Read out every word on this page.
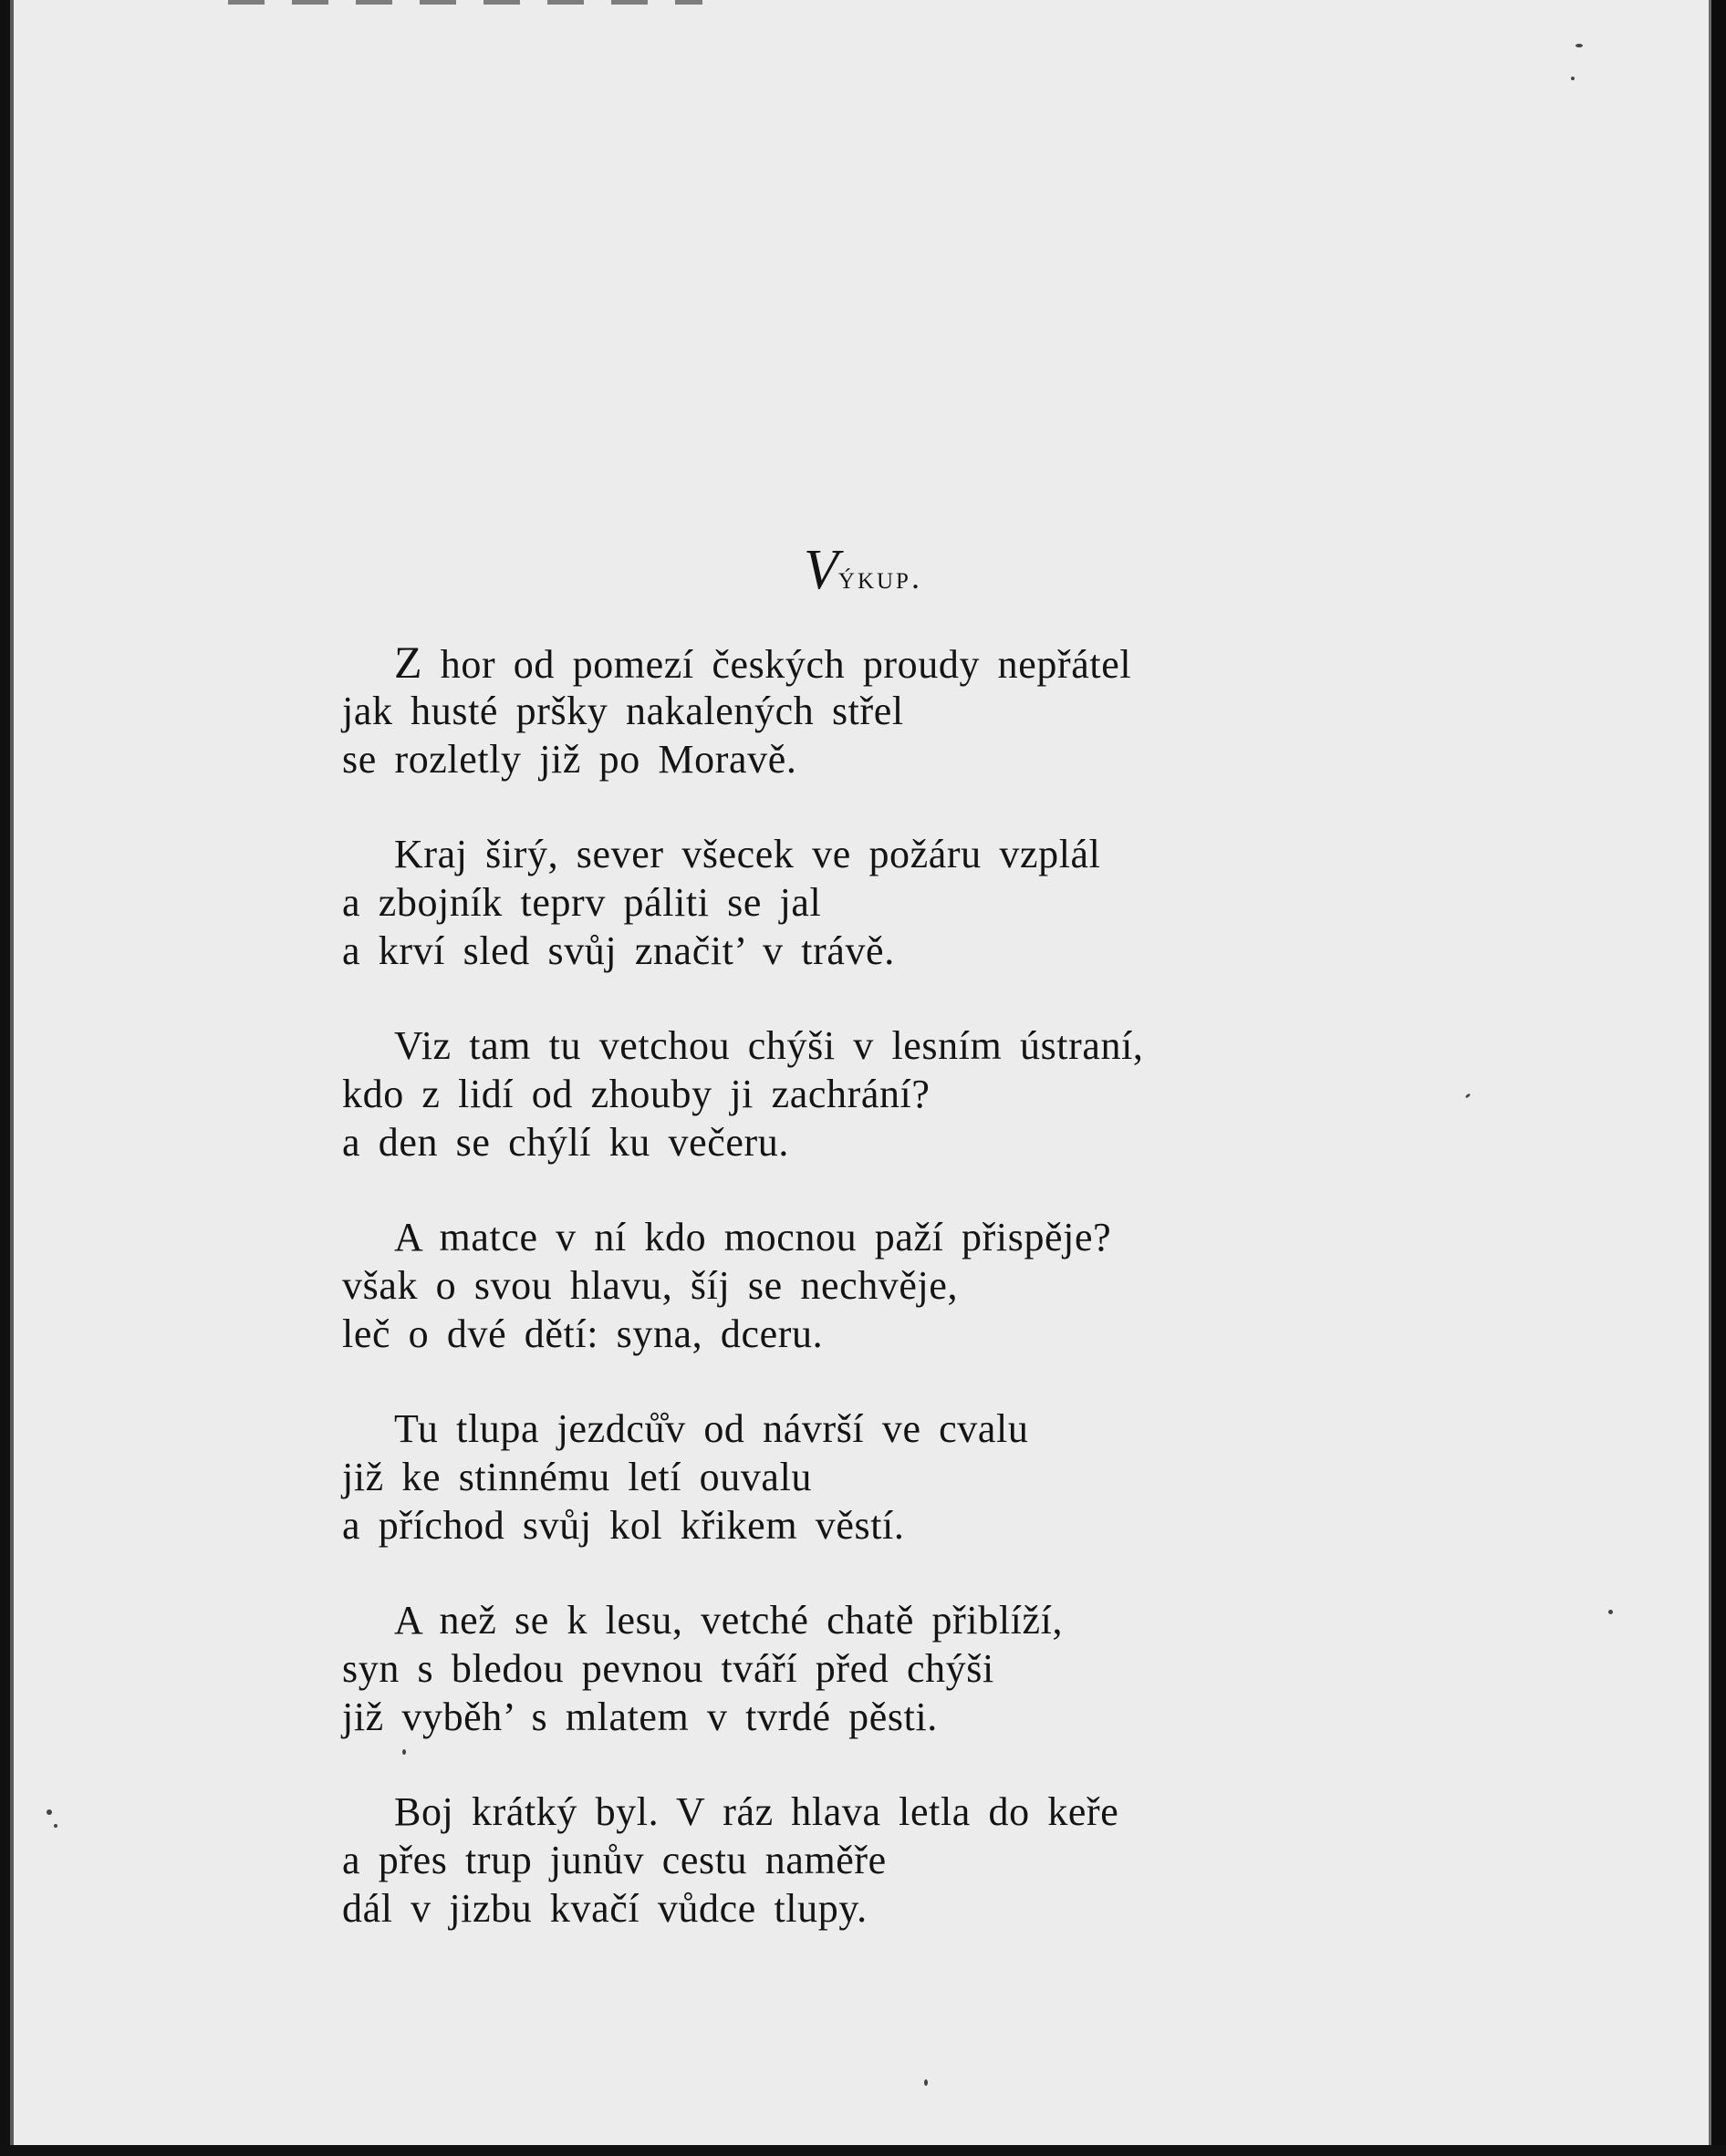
Výkup.
Z hor od pomezí českých proudy nepřátel
jak husté pršky nakalených střel
se rozletly již po Moravě.
Kraj širý, sever všecek ve požáru vzplál
a zbojník teprv páliti se jal
a krví sled svůj značit’ v trávě.
Viz tam tu vetchou chýši v lesním ústraní,
kdo z lidí od zhouby ji zachrání?
a den se chýlí ku večeru.
A matce v ní kdo mocnou paží přispěje?
však o svou hlavu, šíj se nechvěje,
leč o dvé dětí: syna, dceru.
Tu tlupa jezdců̊v od návrší ve cvalu
již ke stinnému letí ouvalu
a příchod svůj kol křikem věstí.
A než se k lesu, vetché chatě přiblíží,
syn s bledou pevnou tváří před chýši
již vyběh’ s mlatem v tvrdé pěsti.
Boj krátký byl. V ráz hlava letla do keře
a přes trup junův cestu naměře
dál v jizbu kvačí vůdce tlupy.
